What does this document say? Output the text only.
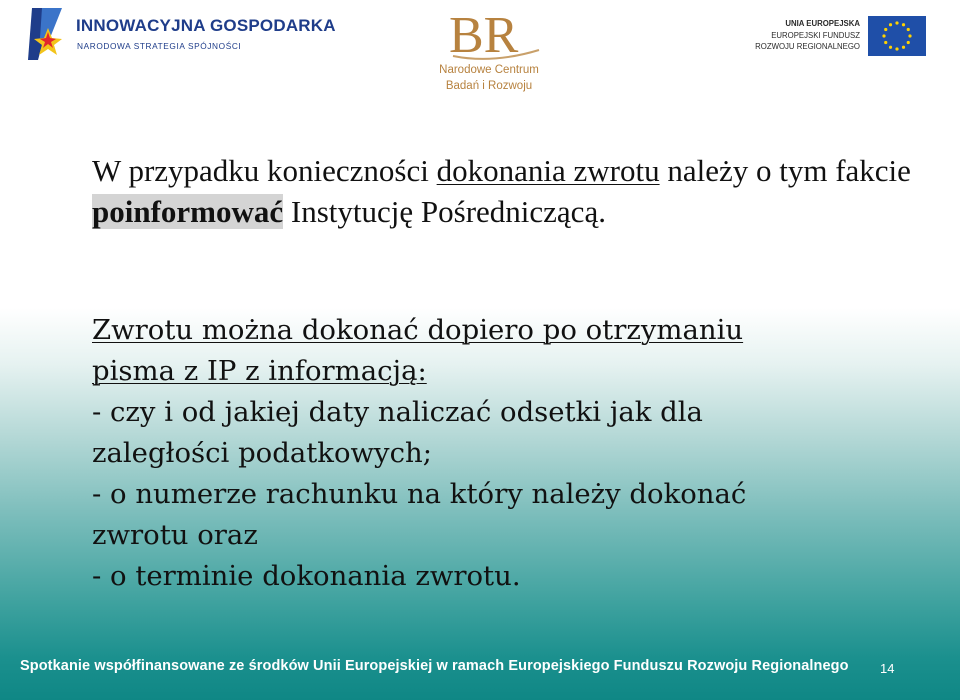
INNOWACYJNA GOSPODARKA
NARODOWA STRATEGIA SPÓJNOŚCI	BR
Narodowe Centrum
Badań i Rozwoju
UNIA EUROPEJSKA
EUROPEJSKI FUNDUSZ
ROZWOJU REGIONALNEGO

W przypadku konieczności dokonania zwrotu należy o tym fakcie poinformować Instytucję Pośredniczącą.

Zwrotu można dokonać dopiero po otrzymaniu
pisma z IP z informacją:
- czy i od jakiej daty naliczać odsetki jak dla
zaległości podatkowych;
- o numerze rachunku na który należy dokonać
zwrotu oraz
- o terminie dokonania zwrotu.

Spotkanie współfinansowane ze środków Unii Europejskiej w ramach Europejskiego Funduszu Rozwoju Regionalnego 14
